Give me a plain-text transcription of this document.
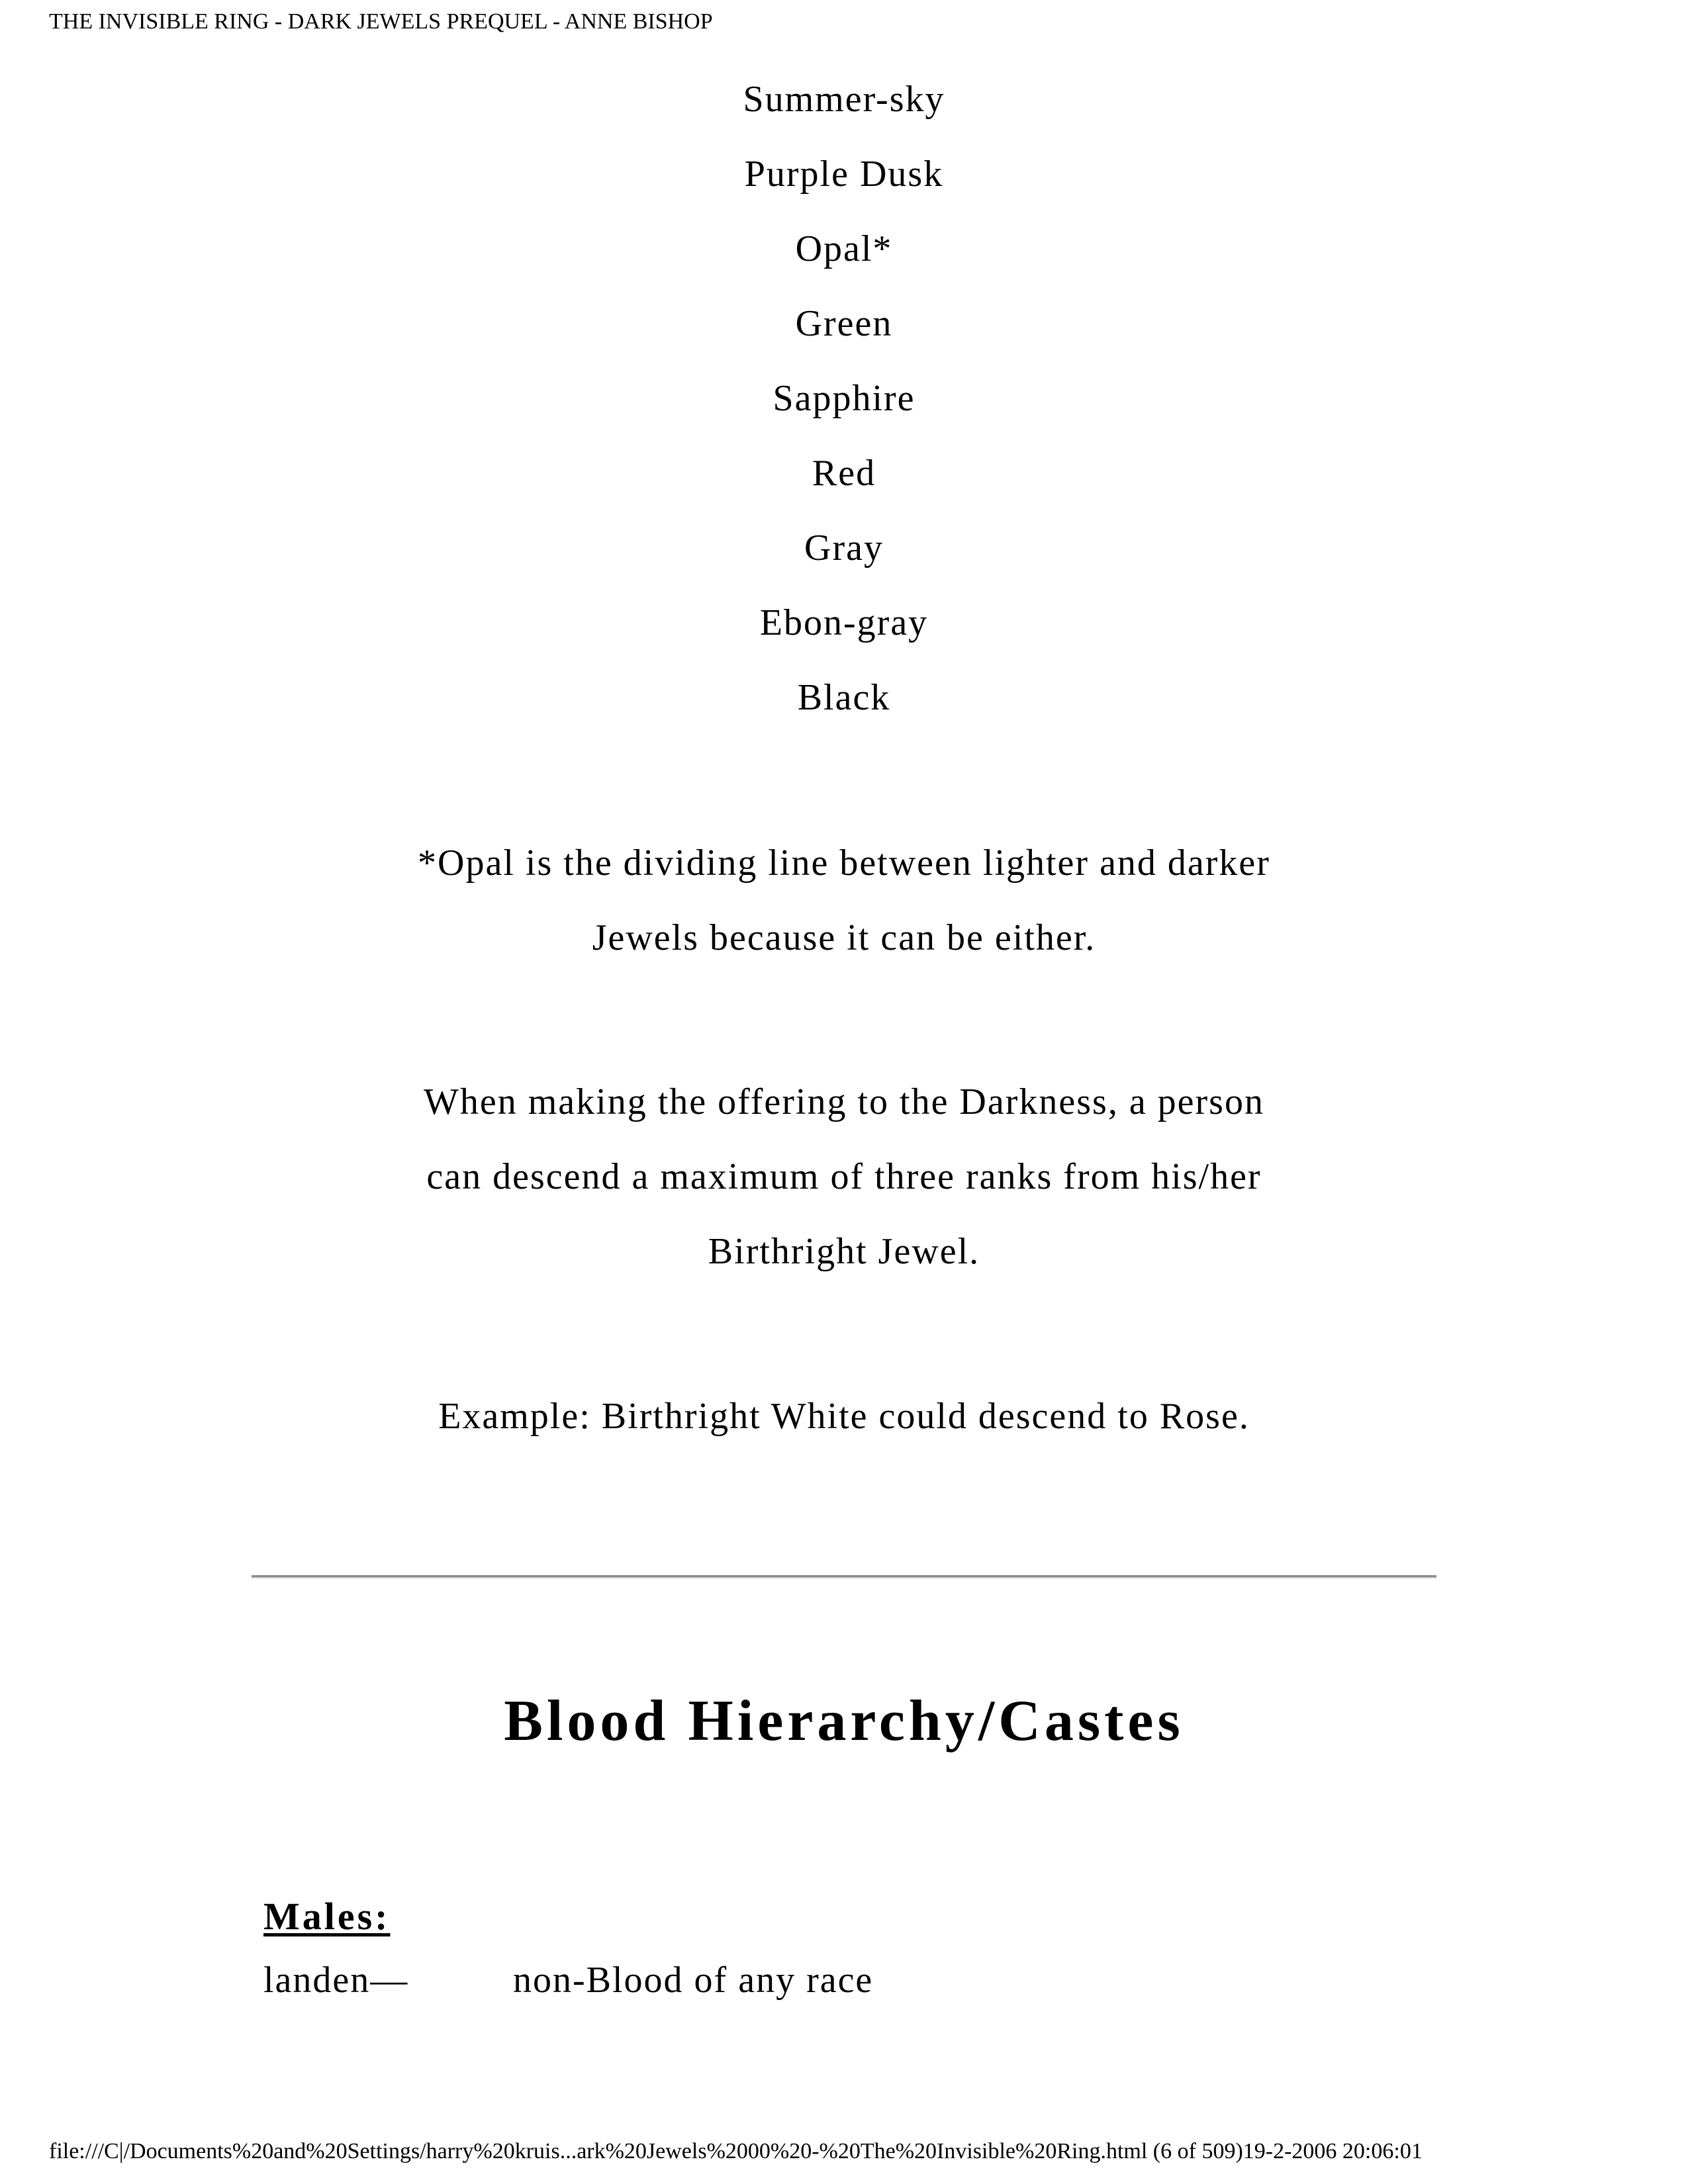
THE INVISIBLE RING - DARK JEWELS PREQUEL - ANNE BISHOP
Summer-sky
Purple Dusk
Opal*
Green
Sapphire
Red
Gray
Ebon-gray
Black
*Opal is the dividing line between lighter and darker
Jewels because it can be either.
When making the offering to the Darkness, a person
can descend a maximum of three ranks from his/her
Birthright Jewel.
Example: Birthright White could descend to Rose.
Blood Hierarchy/Castes
Males:
landen—	non-Blood of any race
file:///C|/Documents%20and%20Settings/harry%20kruis...ark%20Jewels%2000%20-%20The%20Invisible%20Ring.html (6 of 509)19-2-2006 20:06:01
